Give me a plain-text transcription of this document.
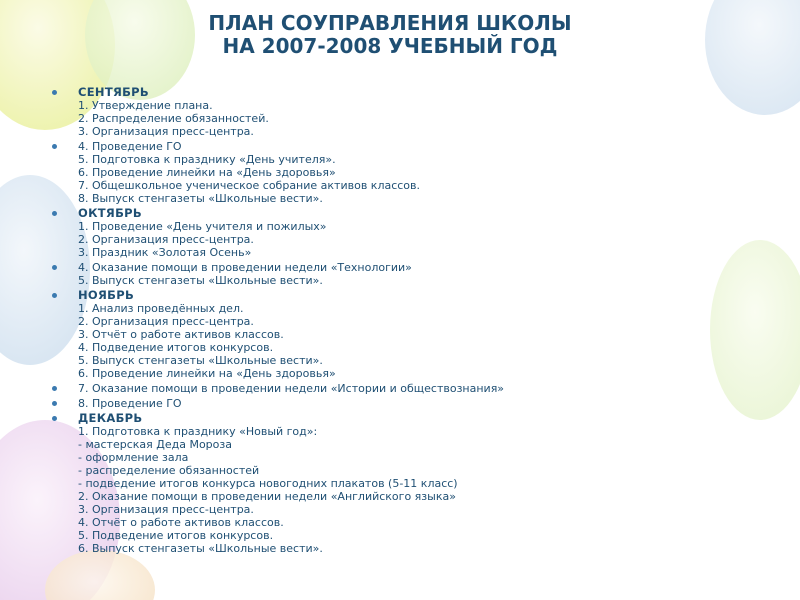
ПЛАН СОУПРАВЛЕНИЯ ШКОЛЫ
НА 2007-2008 УЧЕБНЫЙ ГОД
СЕНТЯБРЬ
1. Утверждение плана.
2. Распределение обязанностей.
3. Организация пресс-центра.
4. Проведение ГО
5. Подготовка к празднику «День учителя».
6. Проведение линейки на «День здоровья»
7. Общешкольное ученическое собрание активов классов.
8. Выпуск стенгазеты «Школьные вести».
ОКТЯБРЬ
1. Проведение «День учителя и пожилых»
2. Организация пресс-центра.
3. Праздник «Золотая Осень»
4. Оказание помощи в проведении недели «Технологии»
5. Выпуск стенгазеты «Школьные вести».
НОЯБРЬ
1. Анализ проведённых дел.
2. Организация пресс-центра.
3. Отчёт о работе активов классов.
4. Подведение итогов конкурсов.
5. Выпуск стенгазеты «Школьные вести».
6. Проведение линейки на «День здоровья»
7. Оказание помощи в проведении недели «Истории и обществознания»
8. Проведение ГО
ДЕКАБРЬ
1. Подготовка к празднику «Новый год»:
- мастерская Деда Мороза
- оформление зала
- распределение обязанностей
- подведение итогов конкурса новогодних плакатов (5-11 класс)
2. Оказание помощи в проведении недели «Английского языка»
3. Организация пресс-центра.
4. Отчёт о работе активов классов.
5. Подведение итогов конкурсов.
6. Выпуск стенгазеты «Школьные вести».
